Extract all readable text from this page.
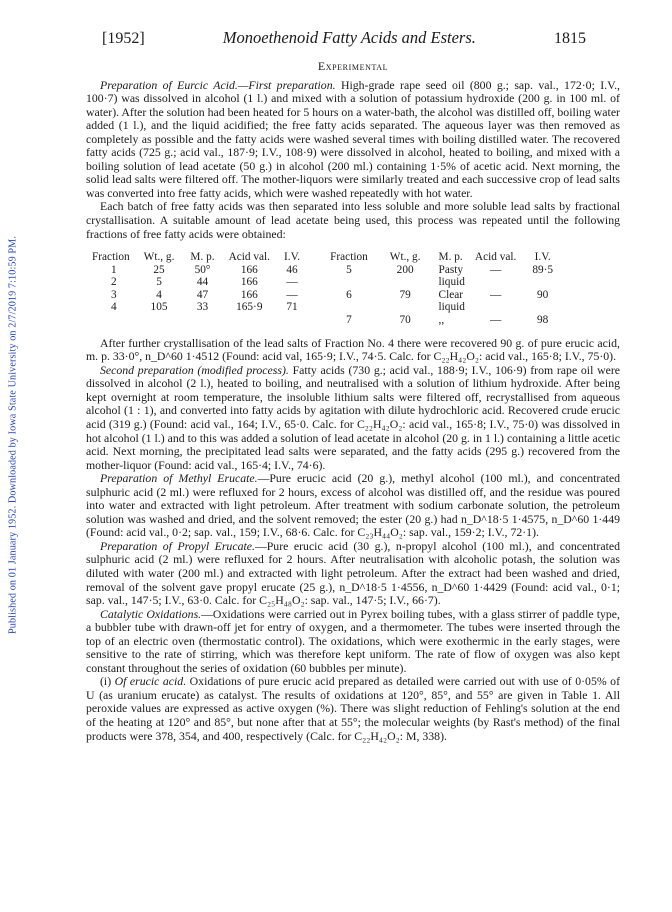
Published on 01 January 1952. Downloaded by Iowa State University on 2/7/2019 7:10:59 PM.
[1952]	Monoethenoid Fatty Acids and Esters.	1815
Experimental

Preparation of Eurcic Acid.—First preparation. High-grade rape seed oil (800 g.; sap. val., 172·0; I.V., 100·7) was dissolved in alcohol (1 l.) and mixed with a solution of potassium hydroxide (200 g. in 100 ml. of water). After the solution had been heated for 5 hours on a water-bath, the alcohol was distilled off, boiling water added (1 l.), and the liquid acidified; the free fatty acids separated. The aqueous layer was then removed as completely as possible and the fatty acids were washed several times with boiling distilled water. The recovered fatty acids (725 g.; acid val., 187·9; I.V., 108·9) were dissolved in alcohol, heated to boiling, and mixed with a boiling solution of lead acetate (50 g.) in alcohol (200 ml.) containing 1·5% of acetic acid. Next morning, the solid lead salts were filtered off. The mother-liquors were similarly treated and each successive crop of lead salts was converted into free fatty acids, which were washed repeatedly with hot water.

Each batch of free fatty acids was then separated into less soluble and more soluble lead salts by fractional crystallisation. A suitable amount of lead acetate being used, this process was repeated until the following fractions of free fatty acids were obtained:

Fraction	Wt., g.	M. p.	Acid val.	I.V.	Fraction	Wt., g.	M. p.	Acid val.	I.V.
1	25	50°	166	46	5	200	Pasty	—	89·5
2	5	44	166	—			liquid		
3	4	47	166	—	6	79	Clear	—	90
4	105	33	165·9	71			liquid		
					7	70	,,	—	98

After further crystallisation of the lead salts of Fraction No. 4 there were recovered 90 g. of pure erucic acid, m. p. 33·0°, n_D^60 1·4512 (Found: acid val, 165·9; I.V., 74·5. Calc. for C₂₂H₄₂O₂: acid val., 165·8; I.V., 75·0).

Second preparation (modified process). Fatty acids (730 g.; acid val., 188·9; I.V., 106·9) from rape oil were dissolved in alcohol (2 l.), heated to boiling, and neutralised with a solution of lithium hydroxide. After being kept overnight at room temperature, the insoluble lithium salts were filtered off, recrystallised from aqueous alcohol (1 : 1), and converted into fatty acids by agitation with dilute hydrochloric acid. Recovered crude erucic acid (319 g.) (Found: acid val., 164; I.V., 65·0. Calc. for C₂₂H₄₂O₂: acid val., 165·8; I.V., 75·0) was dissolved in hot alcohol (1 l.) and to this was added a solution of lead acetate in alcohol (20 g. in 1 l.) containing a little acetic acid. Next morning, the precipitated lead salts were separated, and the fatty acids (295 g.) recovered from the mother-liquor (Found: acid val., 165·4; I.V., 74·6).

Preparation of Methyl Erucate.—Pure erucic acid (20 g.), methyl alcohol (100 ml.), and concentrated sulphuric acid (2 ml.) were refluxed for 2 hours, excess of alcohol was distilled off, and the residue was poured into water and extracted with light petroleum. After treatment with sodium carbonate solution, the petroleum solution was washed and dried, and the solvent removed; the ester (20 g.) had n_D^18·5 1·4575, n_D^60 1·449 (Found: acid val., 0·2; sap. val., 159; I.V., 68·6. Calc. for C₂₃H₄₄O₂: sap. val., 159·2; I.V., 72·1).

Preparation of Propyl Erucate.—Pure erucic acid (30 g.), n-propyl alcohol (100 ml.), and concentrated sulphuric acid (2 ml.) were refluxed for 2 hours. After neutralisation with alcoholic potash, the solution was diluted with water (200 ml.) and extracted with light petroleum. After the extract had been washed and dried, removal of the solvent gave propyl erucate (25 g.), n_D^18·5 1·4556, n_D^60 1·4429 (Found: acid val., 0·1; sap. val., 147·5; I.V., 63·0. Calc. for C₂₅H₄₈O₂: sap. val., 147·5; I.V., 66·7).

Catalytic Oxidations.—Oxidations were carried out in Pyrex boiling tubes, with a glass stirrer of paddle type, a bubbler tube with drawn-off jet for entry of oxygen, and a thermometer. The tubes were inserted through the top of an electric oven (thermostatic control). The oxidations, which were exothermic in the early stages, were sensitive to the rate of stirring, which was therefore kept uniform. The rate of flow of oxygen was also kept constant throughout the series of oxidation (60 bubbles per minute).

(i) Of erucic acid. Oxidations of pure erucic acid prepared as detailed were carried out with use of 0·05% of U (as uranium erucate) as catalyst. The results of oxidations at 120°, 85°, and 55° are given in Table 1. All peroxide values are expressed as active oxygen (%). There was slight reduction of Fehling's solution at the end of the heating at 120° and 85°, but none after that at 55°; the molecular weights (by Rast's method) of the final products were 378, 354, and 400, respectively (Calc. for C₂₂H₄₂O₂: M, 338).
